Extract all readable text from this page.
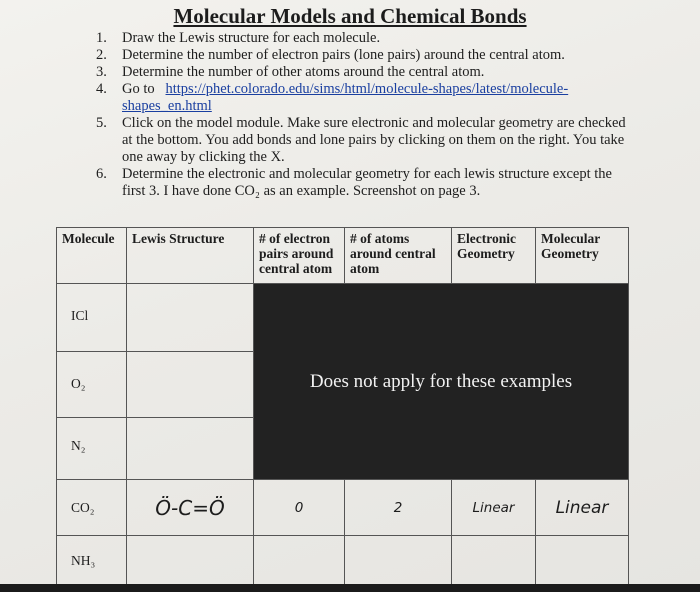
Molecular Models and Chemical Bonds
1. Draw the Lewis structure for each molecule.
2. Determine the number of electron pairs (lone pairs) around the central atom.
3. Determine the number of other atoms around the central atom.
4. Go to https://phet.colorado.edu/sims/html/molecule-shapes/latest/molecule-shapes_en.html
5. Click on the model module. Make sure electronic and molecular geometry are checked at the bottom. You add bonds and lone pairs by clicking on them on the right. You take one away by clicking the X.
6. Determine the electronic and molecular geometry for each lewis structure except the first 3. I have done CO₂ as an example. Screenshot on page 3.
Molecule	Lewis Structure	# of electron pairs around central atom	# of atoms around central atom	Electronic Geometry	Molecular Geometry
ICl		Does not apply for these examples			
O₂					
N₂					
CO₂	Ö-C=Ö	0	2	Linear	Linear
NH₃					
